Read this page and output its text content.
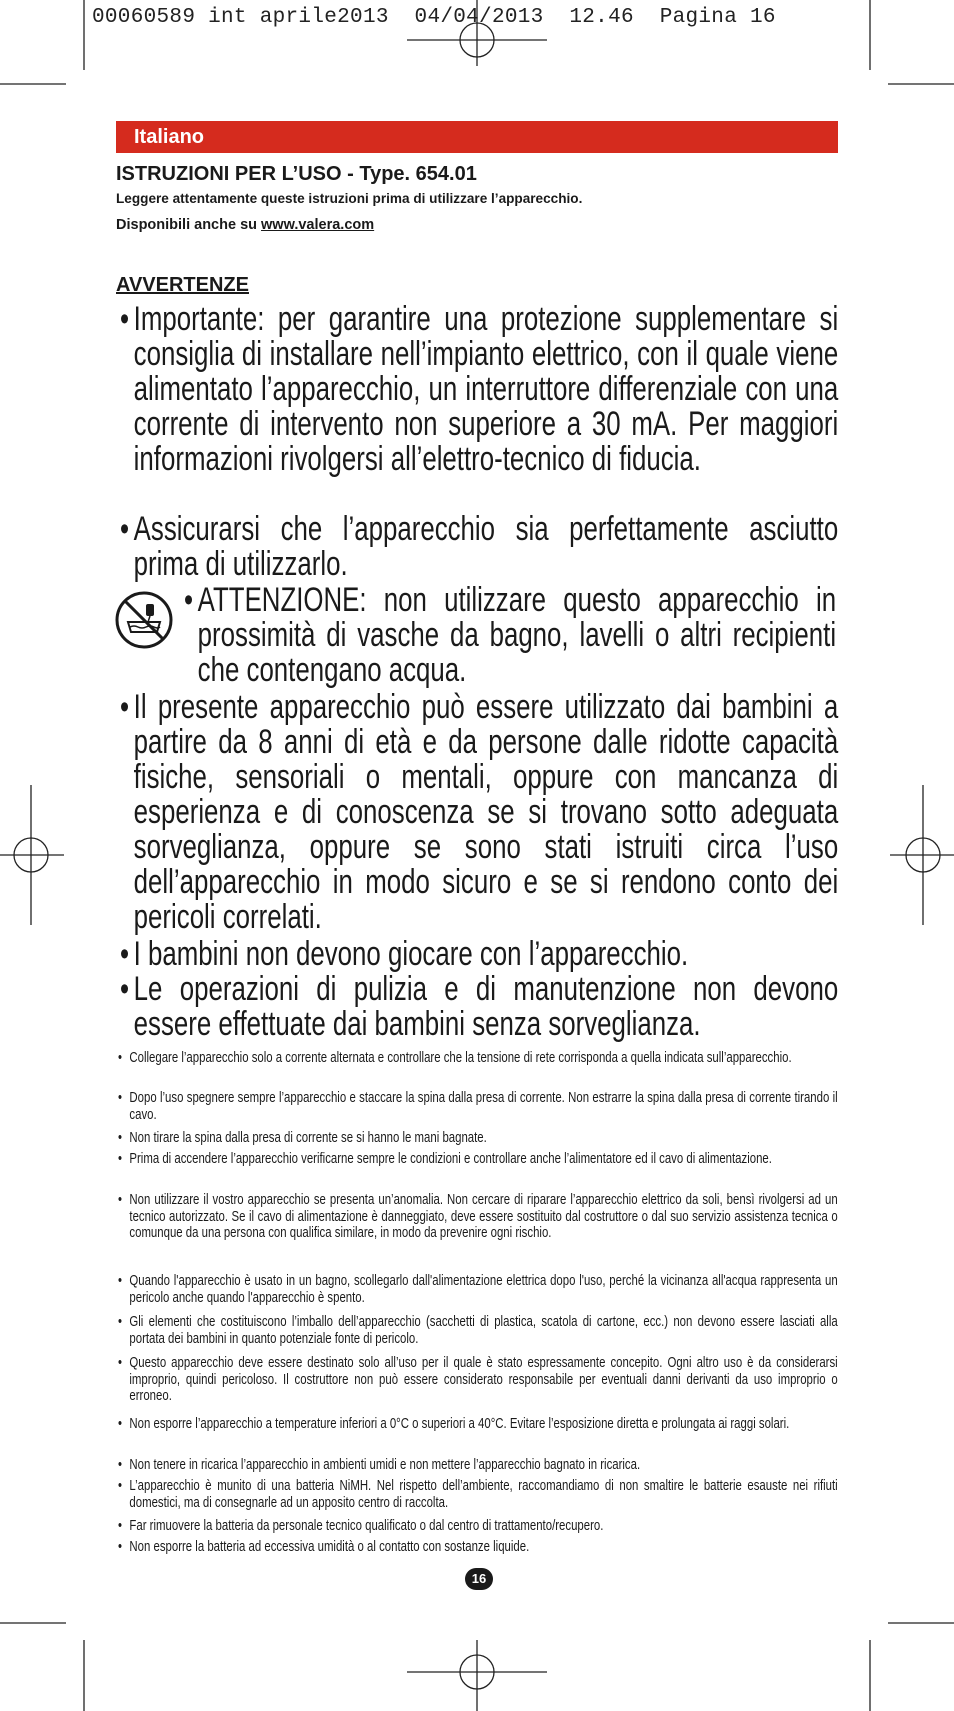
00060589 int aprile2013  04/04/2013  12.46  Pagina 16
Italiano
ISTRUZIONI PER L’USO - Type. 654.01
Leggere attentamente queste istruzioni prima di utilizzare l’apparecchio.
Disponibili anche su www.valera.com
AVVERTENZE
• Importante: per garantire una protezione supplementare si consiglia di installare nell’impianto elettrico, con il quale viene alimentato l’apparecchio, un interruttore differenziale con una corrente di intervento non superiore a 30 mA. Per maggiori informazioni rivolgersi all’elettro-tecnico di fiducia.
• Assicurarsi che l’apparecchio sia perfettamente asciutto prima di utilizzarlo.
• ATTENZIONE: non utilizzare questo apparecchio in prossimità di vasche da bagno, lavelli o altri recipienti che contengano acqua.
• Il presente apparecchio può essere utilizzato dai bambini a partire da 8 anni di età e da persone dalle ridotte capacità fisiche, sensoriali o mentali, oppure con mancanza di esperienza e di conoscenza se si trovano sotto adeguata sorveglianza, oppure se sono stati istruiti circa l’uso dell’apparecchio in modo sicuro e se si rendono conto dei pericoli correlati.
• I bambini non devono giocare con l’apparecchio.
• Le operazioni di pulizia e di manutenzione non devono essere effettuate dai bambini senza sorveglianza.
• Collegare l’apparecchio solo a corrente alternata e controllare che la tensione di rete corrisponda a quella indicata sull’apparecchio.
• Dopo l’uso spegnere sempre l’apparecchio e staccare la spina dalla presa di corrente. Non estrarre la spina dalla presa di corrente tirando il cavo.
• Non tirare la spina dalla presa di corrente se si hanno le mani bagnate.
• Prima di accendere l’apparecchio verificarne sempre le condizioni e controllare anche l’alimentatore ed il cavo di alimentazione.
• Non utilizzare il vostro apparecchio se presenta un’anomalia. Non cercare di riparare l’apparecchio elettrico da soli, bensì rivolgersi ad un tecnico autorizzato. Se il cavo di alimentazione è danneggiato, deve essere sostituito dal costruttore o dal suo servizio assistenza tecnica o comunque da una persona con qualifica similare, in modo da prevenire ogni rischio.
• Quando l'apparecchio è usato in un bagno, scollegarlo dall'alimentazione elettrica dopo l'uso, perché la vicinanza all'acqua rappresenta un pericolo anche quando l'apparecchio è spento.
• Gli elementi che costituiscono l’imballo dell’apparecchio (sacchetti di plastica, scatola di cartone, ecc.) non devono essere lasciati alla portata dei bambini in quanto potenziale fonte di pericolo.
• Questo apparecchio deve essere destinato solo all’uso per il quale è stato espressamente concepito. Ogni altro uso è da considerarsi improprio, quindi pericoloso. Il costruttore non può essere considerato responsabile per eventuali danni derivanti da uso improprio o erroneo.
• Non esporre l’apparecchio a temperature inferiori a 0°C o superiori a 40°C. Evitare l’esposizione diretta e prolungata ai raggi solari.
• Non tenere in ricarica l’apparecchio in ambienti umidi e non mettere l’apparecchio bagnato in ricarica.
• L’apparecchio è munito di una batteria NiMH. Nel rispetto dell’ambiente, raccomandiamo di non smaltire le batterie esauste nei rifiuti domestici, ma di consegnarle ad un apposito centro di raccolta.
• Far rimuovere la batteria da personale tecnico qualificato o dal centro di trattamento/recupero.
• Non esporre la batteria ad eccessiva umidità o al contatto con sostanze liquide.
16
